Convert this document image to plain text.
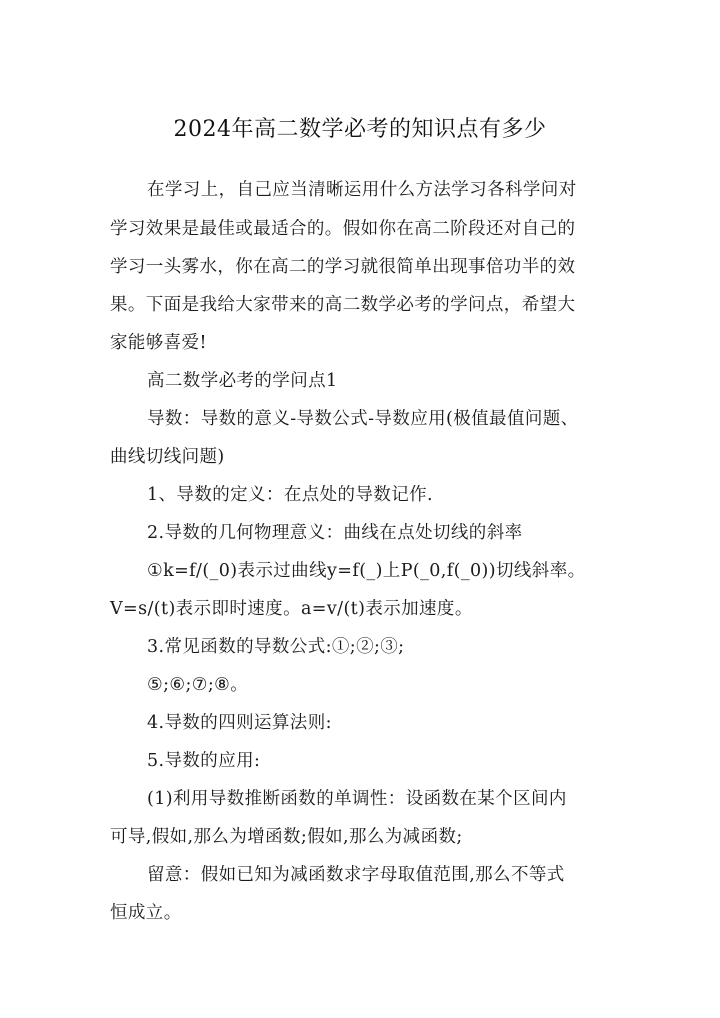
2024年高二数学必考的知识点有多少
在学习上，自己应当清晰运用什么方法学习各科学问对
学习效果是最佳或最适合的。假如你在高二阶段还对自己的
学习一头雾水，你在高二的学习就很简单出现事倍功半的效
果。下面是我给大家带来的高二数学必考的学问点，希望大
家能够喜爱!
高二数学必考的学问点1
导数：导数的意义-导数公式-导数应用(极值最值问题、
曲线切线问题)
1、导数的定义：在点处的导数记作.
2.导数的几何物理意义：曲线在点处切线的斜率
①k=f/(_0)表示过曲线y=f(_)上P(_0,f(_0))切线斜率。
V=s/(t)表示即时速度。a=v/(t)表示加速度。
3.常见函数的导数公式:①;②;③;
⑤;⑥;⑦;⑧。
4.导数的四则运算法则:
5.导数的应用:
(1)利用导数推断函数的单调性：设函数在某个区间内
可导,假如,那么为增函数;假如,那么为减函数;
留意：假如已知为减函数求字母取值范围,那么不等式
恒成立。
